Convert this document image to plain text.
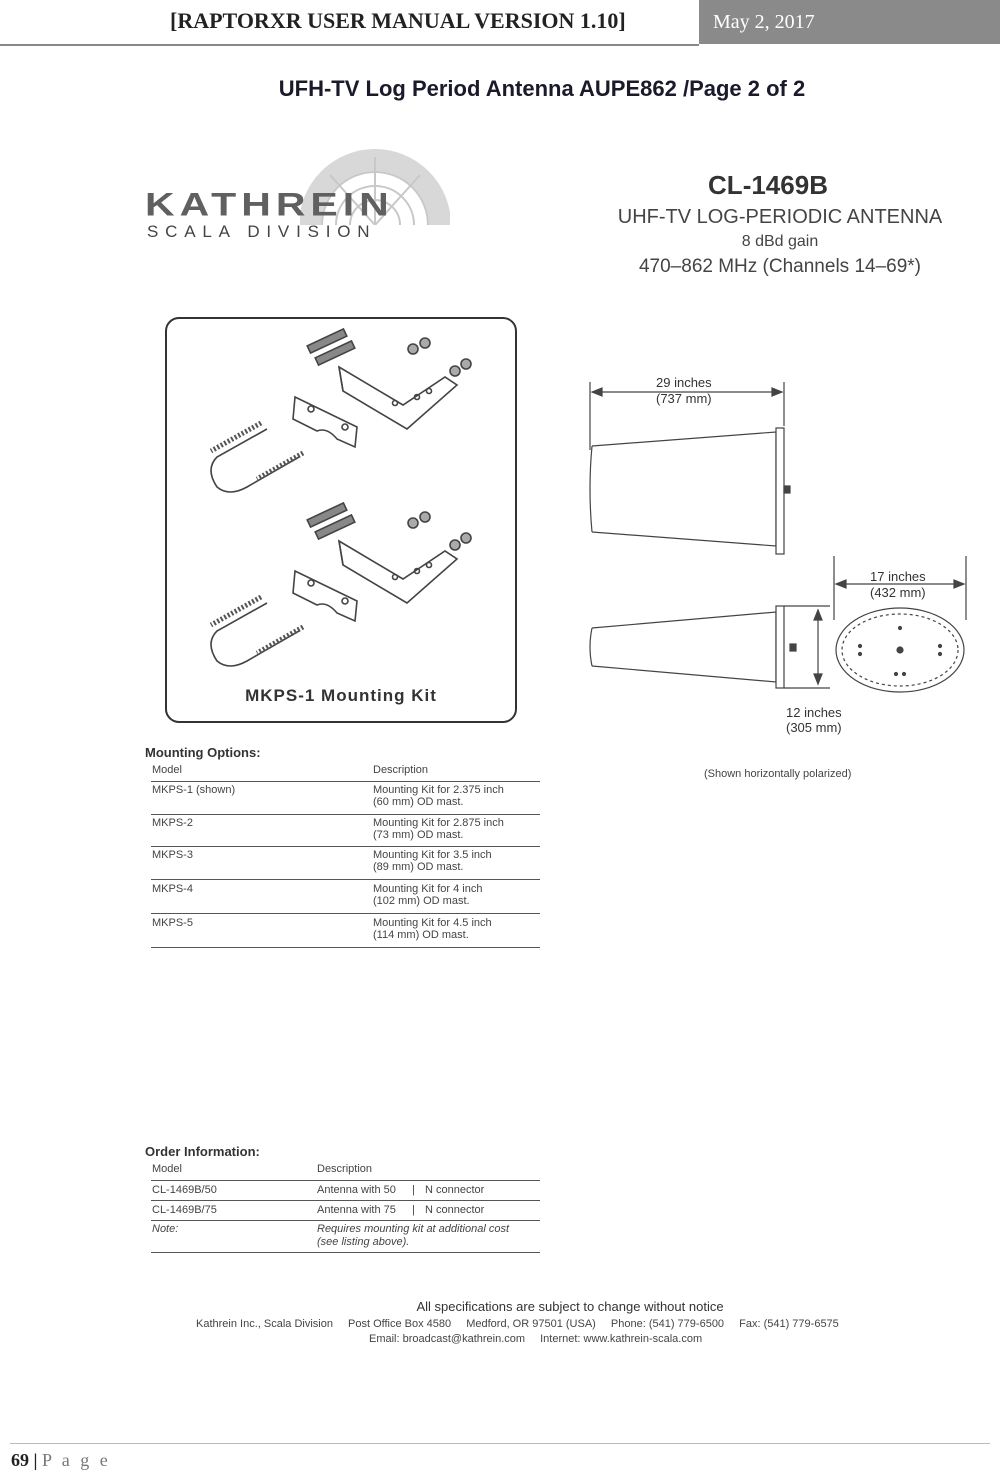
[RAPTORXR USER MANUAL VERSION 1.10]	May 2, 2017
UFH-TV Log Period Antenna AUPE862 /Page 2 of 2
KATHREIN
SCALA DIVISION
CL-1469B
UHF-TV LOG-PERIODIC ANTENNA
8 dBd gain
470–862 MHz (Channels 14–69*)
MKPS-1 Mounting Kit
29 inches
(737 mm)
17 inches
(432 mm)
12 inches
(305 mm)
(Shown horizontally polarized)
Mounting Options:
Model	Description
MKPS-1 (shown)	Mounting Kit for 2.375 inch
(60 mm) OD mast.
MKPS-2	Mounting Kit for 2.875 inch
(73 mm) OD mast.
MKPS-3	Mounting Kit for 3.5 inch
(89 mm) OD mast.
MKPS-4	Mounting Kit for 4 inch
(102 mm) OD mast.
MKPS-5	Mounting Kit for 4.5 inch
(114 mm) OD mast.
Order Information:
Model	Description
CL-1469B/50	Antenna with 50 | N connector
CL-1469B/75	Antenna with 75 | N connector
Note:	Requires mounting kit at additional cost
(see listing above).
All specifications are subject to change without notice
Kathrein Inc., Scala Division Post Office Box 4580 Medford, OR 97501 (USA) Phone: (541) 779-6500 Fax: (541) 779-6575
Email: broadcast@kathrein.com Internet: www.kathrein-scala.com
69 | P a g e
